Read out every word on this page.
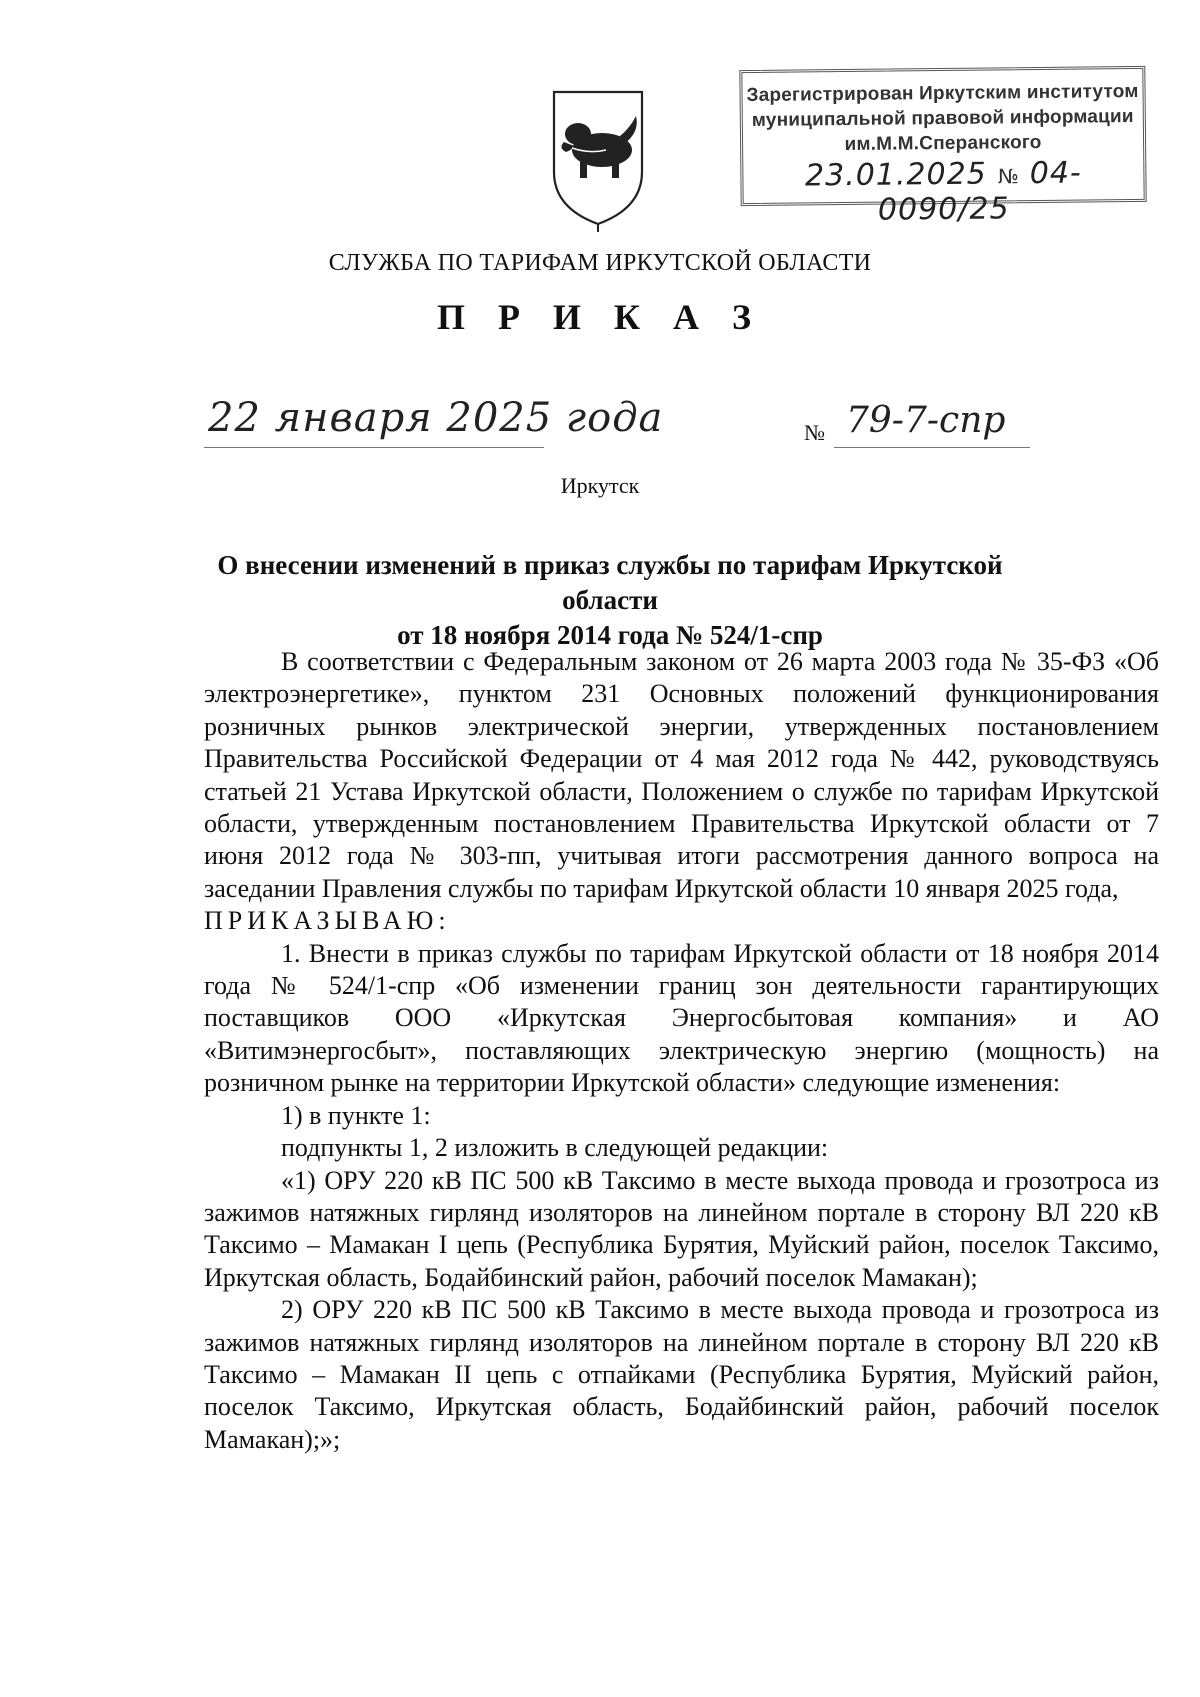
Зарегистрирован Иркутским институтом
муниципальной правовой информации
им.М.М.Сперанского
23.01.2025 № 04-0090/25
СЛУЖБА ПО ТАРИФАМ ИРКУТСКОЙ ОБЛАСТИ
П Р И К А З
22 января 2025 года	№ 79-7-спр
Иркутск
О внесении изменений в приказ службы по тарифам Иркутской области
от 18 ноября 2014 года № 524/1-спр

В соответствии с Федеральным законом от 26 марта 2003 года № 35-ФЗ «Об электроэнергетике», пунктом 231 Основных положений функционирования розничных рынков электрической энергии, утвержденных постановлением Правительства Российской Федерации от 4 мая 2012 года № 442, руководствуясь статьей 21 Устава Иркутской области, Положением о службе по тарифам Иркутской области, утвержденным постановлением Правительства Иркутской области от 7 июня 2012 года № 303-пп, учитывая итоги рассмотрения данного вопроса на заседании Правления службы по тарифам Иркутской области 10 января 2025 года,

ПРИКАЗЫВАЮ:

1. Внести в приказ службы по тарифам Иркутской области от 18 ноября 2014 года № 524/1-спр «Об изменении границ зон деятельности гарантирующих поставщиков ООО «Иркутская Энергосбытовая компания» и АО «Витимэнергосбыт», поставляющих электрическую энергию (мощность) на розничном рынке на территории Иркутской области» следующие изменения:

1) в пункте 1:

подпункты 1, 2 изложить в следующей редакции:

«1) ОРУ 220 кВ ПС 500 кВ Таксимо в месте выхода провода и грозотроса из зажимов натяжных гирлянд изоляторов на линейном портале в сторону ВЛ 220 кВ Таксимо – Мамакан I цепь (Республика Бурятия, Муйский район, поселок Таксимо, Иркутская область, Бодайбинский район, рабочий поселок Мамакан);

2) ОРУ 220 кВ ПС 500 кВ Таксимо в месте выхода провода и грозотроса из зажимов натяжных гирлянд изоляторов на линейном портале в сторону ВЛ 220 кВ Таксимо – Мамакан II цепь с отпайками (Республика Бурятия, Муйский район, поселок Таксимо, Иркутская область, Бодайбинский район, рабочий поселок Мамакан);»;
